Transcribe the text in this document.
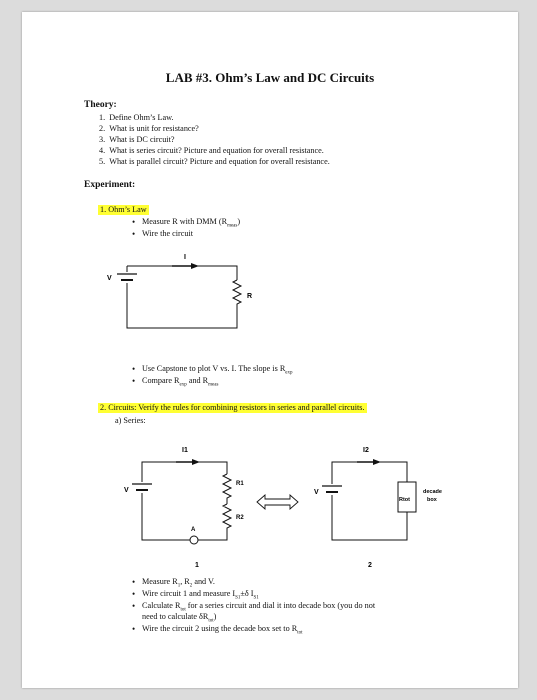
LAB #3. Ohm’s Law and DC Circuits
Theory:
1. Define Ohm’s Law.
2. What is unit for resistance?
3. What is DC circuit?
4. What is series circuit? Picture and equation for overall resistance.
5. What is parallel circuit? Picture and equation for overall resistance.
Experiment:
1. Ohm’s Law
• Measure R with DMM $(R_{meas})$
• Wire the circuit
I
V
R
• Use Capstone to plot V vs. I. The slope is $R_{exp}$
• Compare $R_{exp}$ and $R_{meas}$
2. Circuits: Verify the rules for combining resistors in series and parallel circuits.
a) Series:
I1
V
R1
R2
A
1
I2
V
Rtot
decade
box
2
• Measure $R_1$, $R_2$ and V.
• Wire circuit 1 and measure $I_{S1}\pm\delta$ $I_{S1}$
• Calculate $R_{tot}$ for a series circuit and dial it into decade box (you do not
need to calculate $\delta R_{tot}$)
• Wire the circuit 2 using the decade box set to $R_{tot}$
